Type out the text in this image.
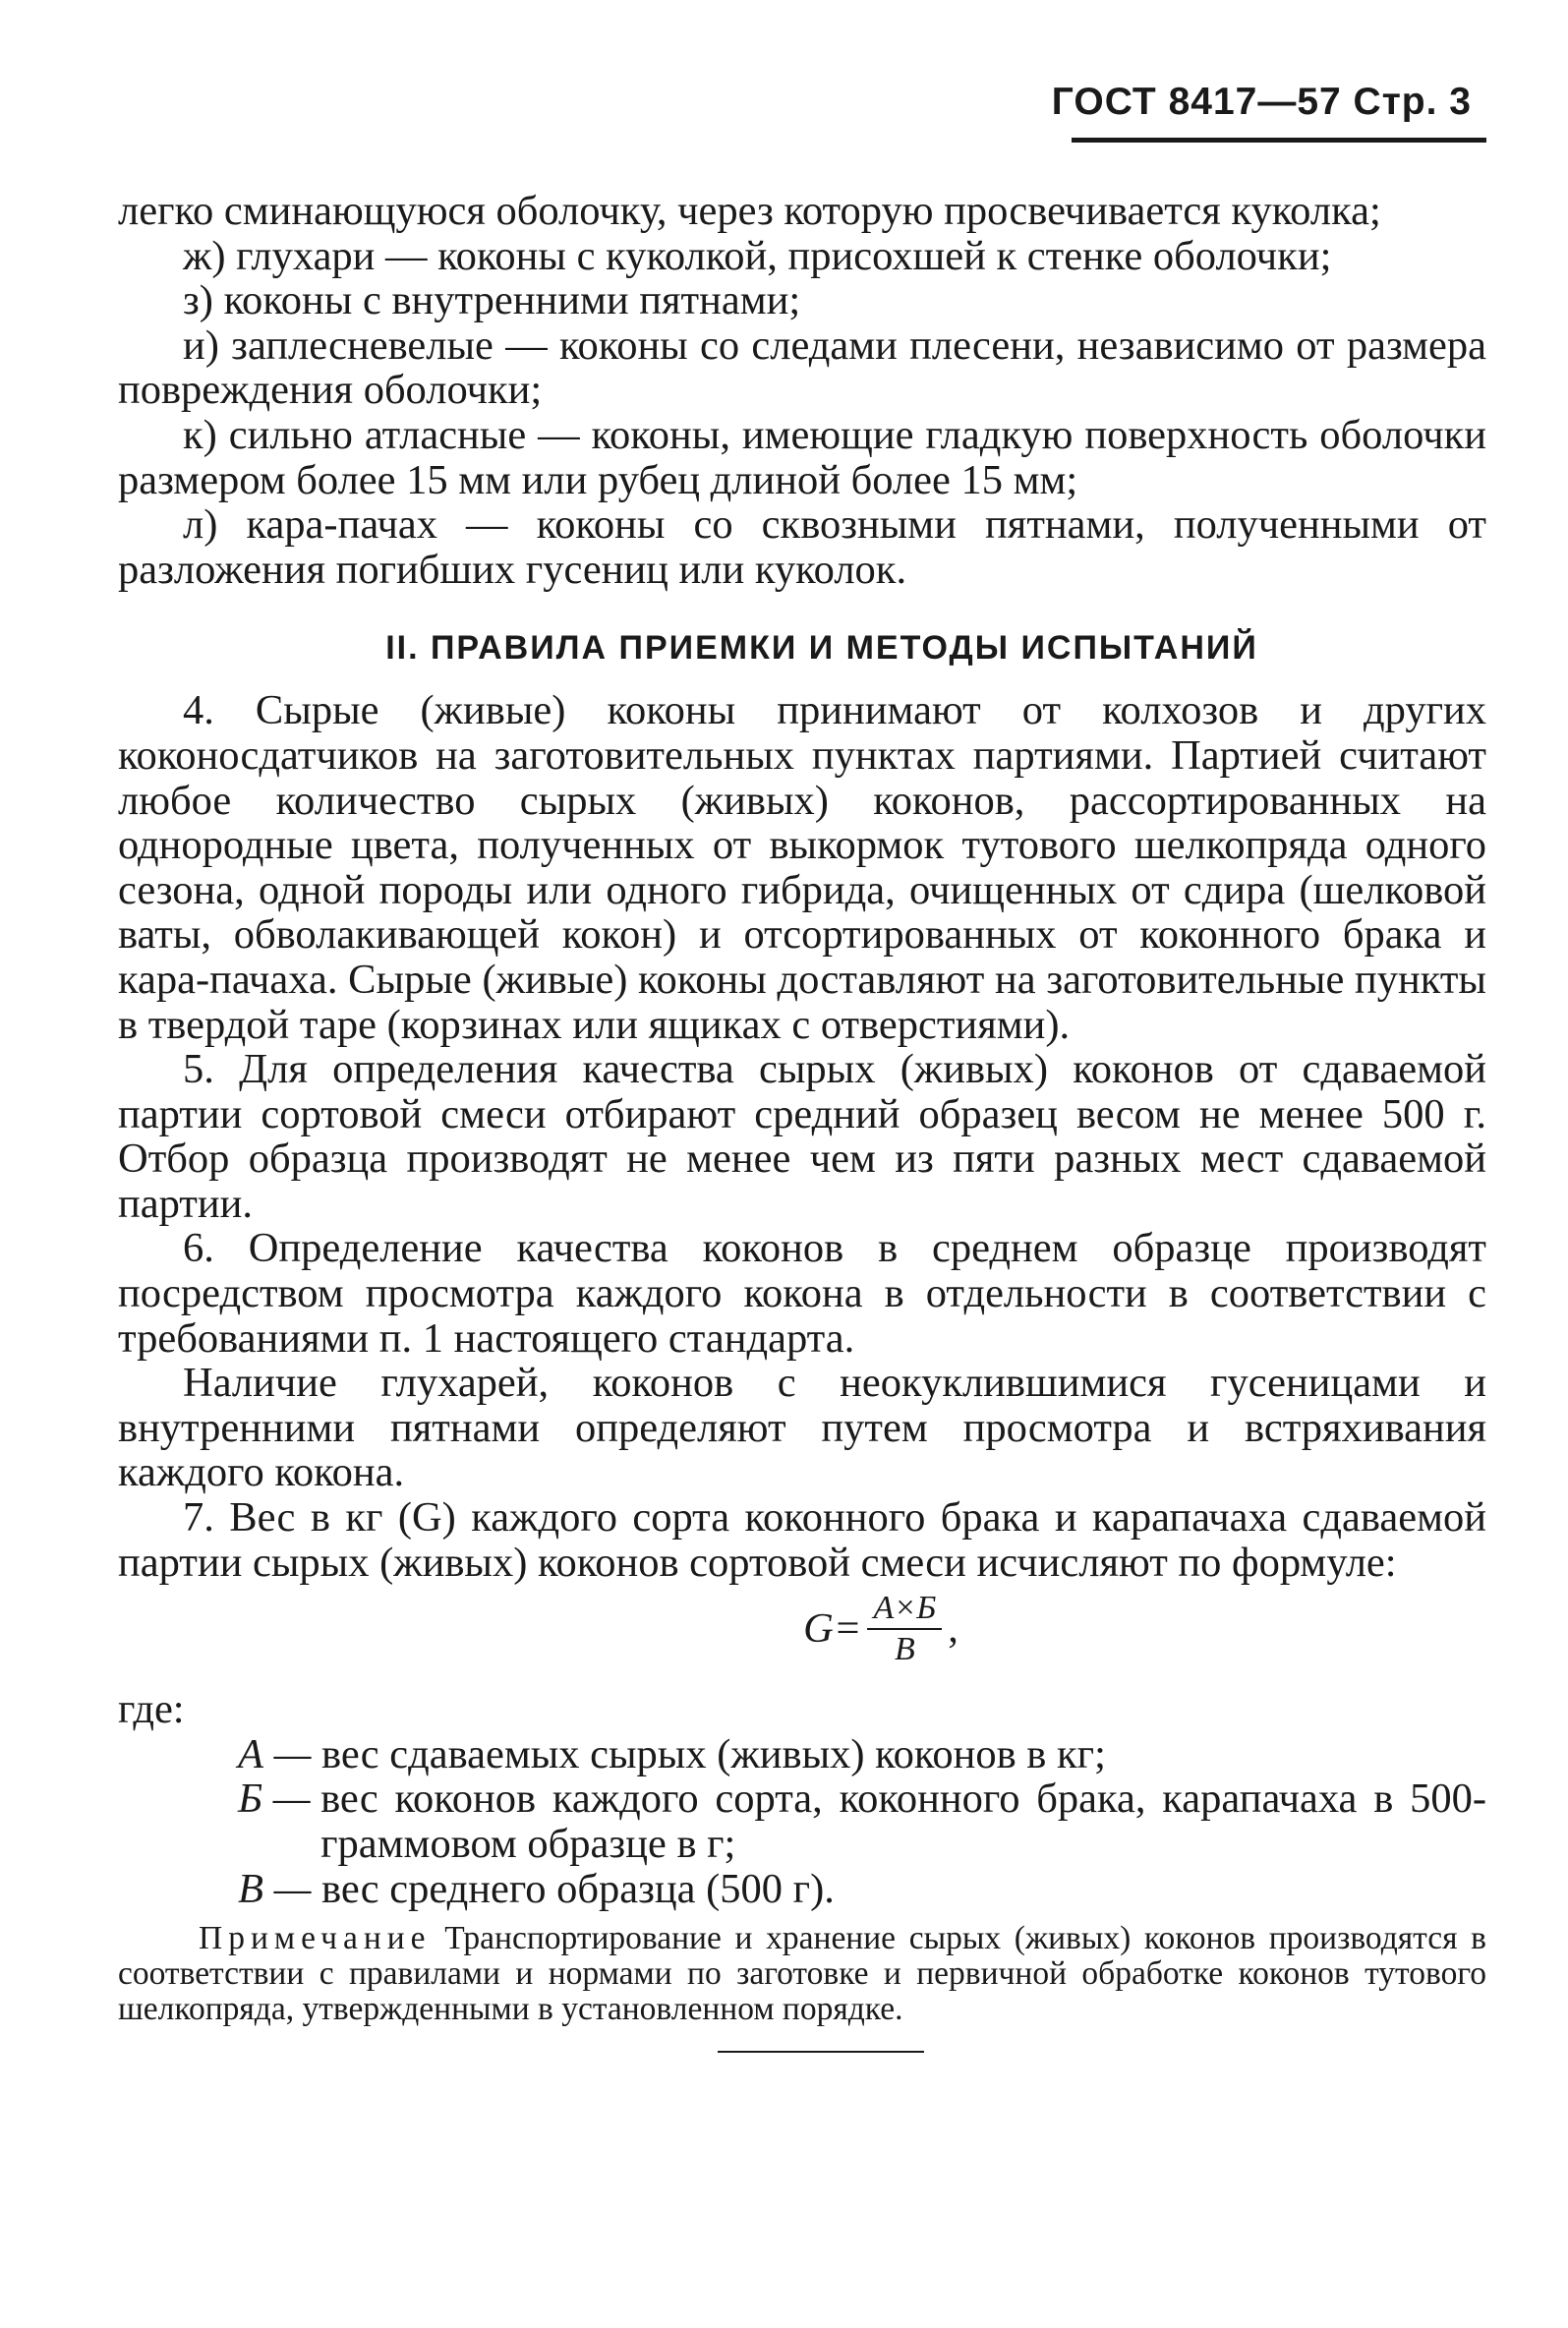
ГОСТ 8417—57 Стр. 3

легко сминающуюся оболочку, через которую просвечивается куколка;

ж) глухари — коконы с куколкой, присохшей к стенке оболочки;

з) коконы с внутренними пятнами;

и) заплесневелые — коконы со следами плесени, независимо от размера повреждения оболочки;

к) сильно атласные — коконы, имеющие гладкую поверхность оболочки размером более 15 мм или рубец длиной более 15 мм;

л) кара-пачах — коконы со сквозными пятнами, полученными от разложения погибших гусениц или куколок.

II. ПРАВИЛА ПРИЕМКИ И МЕТОДЫ ИСПЫТАНИЙ

4. Сырые (живые) коконы принимают от колхозов и других коконосдатчиков на заготовительных пунктах партиями. Партией считают любое количество сырых (живых) коконов, рассортированных на однородные цвета, полученных от выкормок тутового шелкопряда одного сезона, одной породы или одного гибрида, очищенных от сдира (шелковой ваты, обволакивающей кокон) и отсортированных от коконного брака и кара-пачаха. Сырые (живые) коконы доставляют на заготовительные пункты в твердой таре (корзинах или ящиках с отверстиями).

5. Для определения качества сырых (живых) коконов от сдаваемой партии сортовой смеси отбирают средний образец весом не менее 500 г. Отбор образца производят не менее чем из пяти разных мест сдаваемой партии.

6. Определение качества коконов в среднем образце производят посредством просмотра каждого кокона в отдельности в соответствии с требованиями п. 1 настоящего стандарта.

Наличие глухарей, коконов с неокуклившимися гусеницами и внутренними пятнами определяют путем просмотра и встряхивания каждого кокона.

7. Вес в кг (G) каждого сорта коконного брака и карапачаха сдаваемой партии сырых (живых) коконов сортовой смеси исчисляют по формуле:

$G= \frac{А\times Б}{В}$ ,

где:

А — вес сдаваемых сырых (живых) коконов в кг;
Б — вес коконов каждого сорта, коконного брака, карапачаха в 500-граммовом образце в г;
В — вес среднего образца (500 г).

Примечание Транспортирование и хранение сырых (живых) коконов производятся в соответствии с правилами и нормами по заготовке и первичной обработке коконов тутового шелкопряда, утвержденными в установленном порядке.
